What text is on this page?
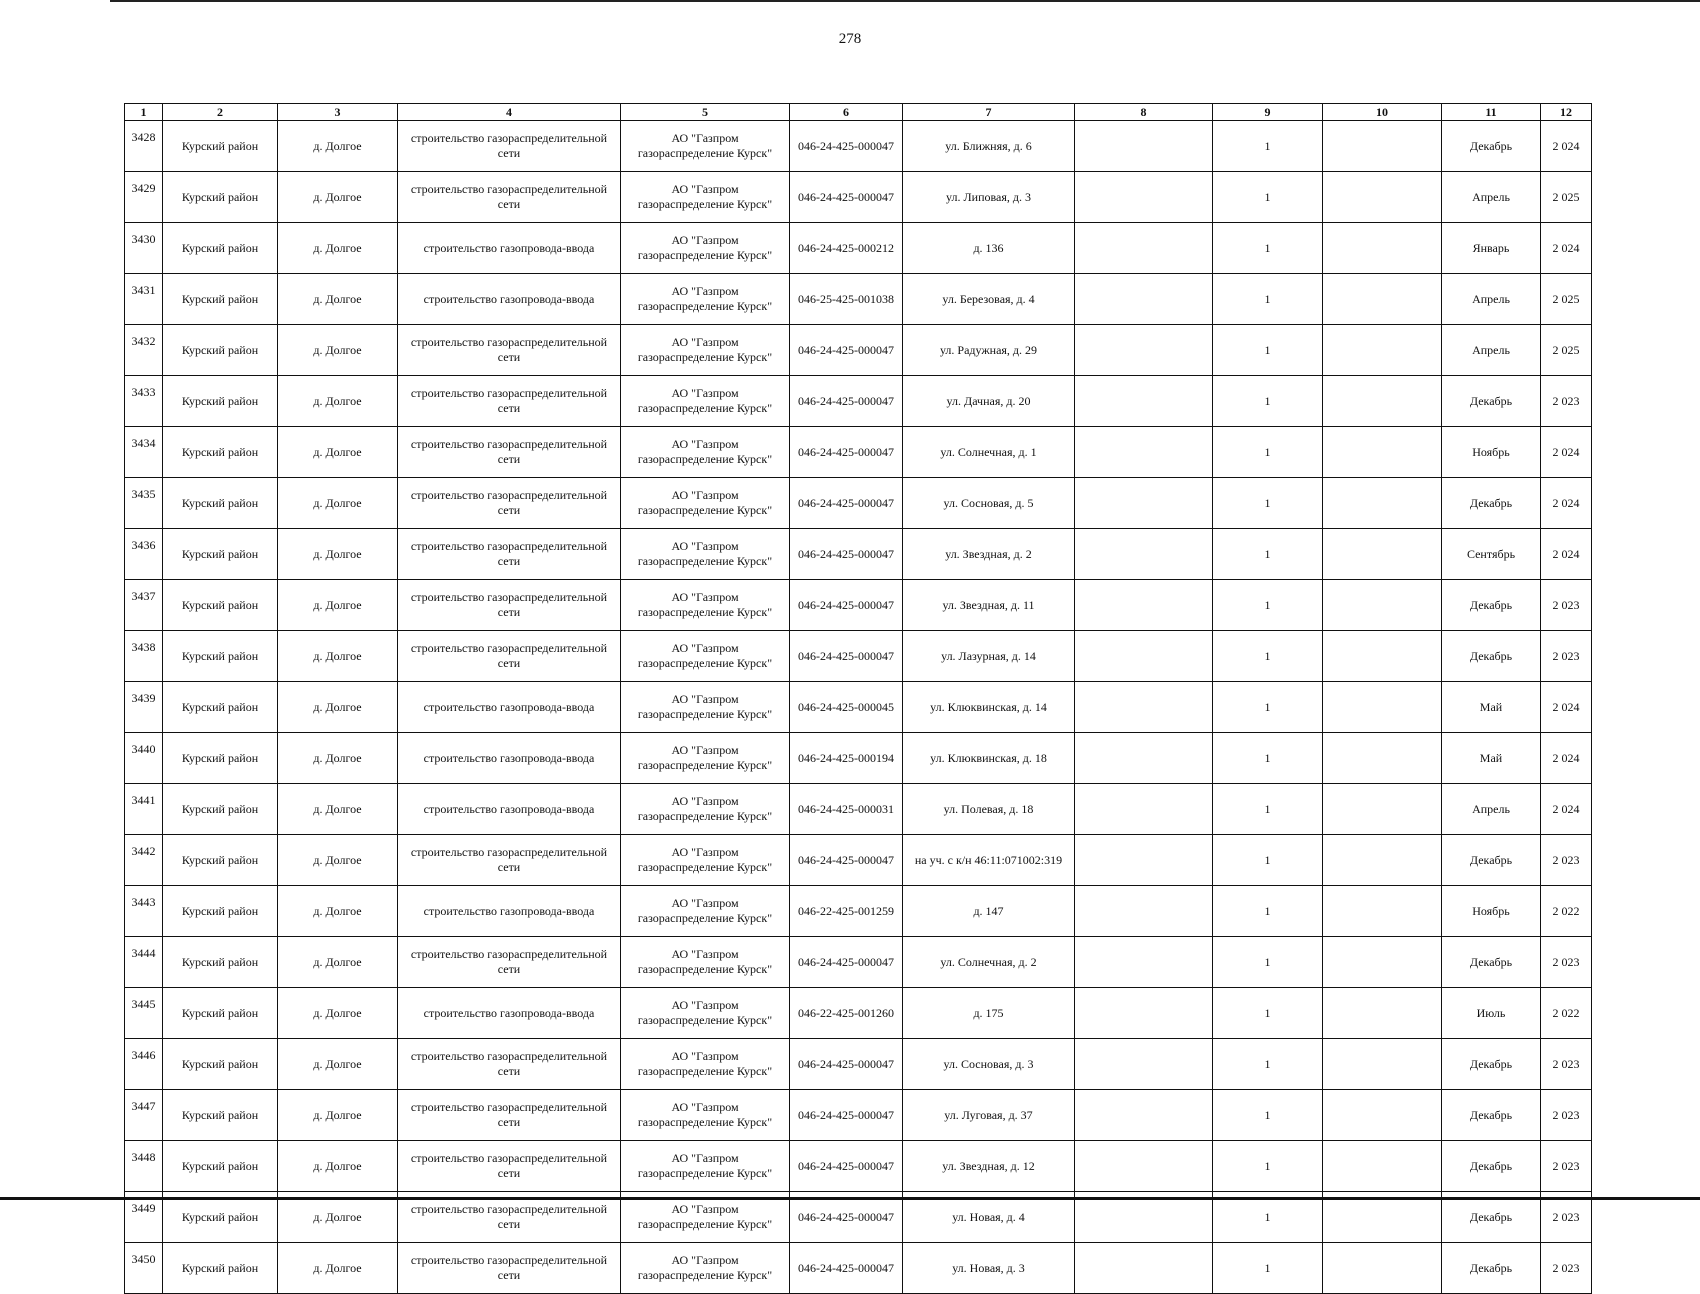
278
1	2	3	4	5	6	7	8	9	10	11	12
3428	Курский район	д. Долгое	строительство газораспределительной сети	АО "Газпром газораспределение Курск"	046-24-425-000047	ул. Ближняя, д. 6		1		Декабрь	2 024
3429	Курский район	д. Долгое	строительство газораспределительной сети	АО "Газпром газораспределение Курск"	046-24-425-000047	ул. Липовая, д. 3		1		Апрель	2 025
3430	Курский район	д. Долгое	строительство газопровода-ввода	АО "Газпром газораспределение Курск"	046-24-425-000212	д. 136		1		Январь	2 024
3431	Курский район	д. Долгое	строительство газопровода-ввода	АО "Газпром газораспределение Курск"	046-25-425-001038	ул. Березовая, д. 4		1		Апрель	2 025
3432	Курский район	д. Долгое	строительство газораспределительной сети	АО "Газпром газораспределение Курск"	046-24-425-000047	ул. Радужная, д. 29		1		Апрель	2 025
3433	Курский район	д. Долгое	строительство газораспределительной сети	АО "Газпром газораспределение Курск"	046-24-425-000047	ул. Дачная, д. 20		1		Декабрь	2 023
3434	Курский район	д. Долгое	строительство газораспределительной сети	АО "Газпром газораспределение Курск"	046-24-425-000047	ул. Солнечная, д. 1		1		Ноябрь	2 024
3435	Курский район	д. Долгое	строительство газораспределительной сети	АО "Газпром газораспределение Курск"	046-24-425-000047	ул. Сосновая, д. 5		1		Декабрь	2 024
3436	Курский район	д. Долгое	строительство газораспределительной сети	АО "Газпром газораспределение Курск"	046-24-425-000047	ул. Звездная, д. 2		1		Сентябрь	2 024
3437	Курский район	д. Долгое	строительство газораспределительной сети	АО "Газпром газораспределение Курск"	046-24-425-000047	ул. Звездная, д. 11		1		Декабрь	2 023
3438	Курский район	д. Долгое	строительство газораспределительной сети	АО "Газпром газораспределение Курск"	046-24-425-000047	ул. Лазурная, д. 14		1		Декабрь	2 023
3439	Курский район	д. Долгое	строительство газопровода-ввода	АО "Газпром газораспределение Курск"	046-24-425-000045	ул. Клюквинская, д. 14		1		Май	2 024
3440	Курский район	д. Долгое	строительство газопровода-ввода	АО "Газпром газораспределение Курск"	046-24-425-000194	ул. Клюквинская, д. 18		1		Май	2 024
3441	Курский район	д. Долгое	строительство газопровода-ввода	АО "Газпром газораспределение Курск"	046-24-425-000031	ул. Полевая, д. 18		1		Апрель	2 024
3442	Курский район	д. Долгое	строительство газораспределительной сети	АО "Газпром газораспределение Курск"	046-24-425-000047	на уч. с к/н 46:11:071002:319		1		Декабрь	2 023
3443	Курский район	д. Долгое	строительство газопровода-ввода	АО "Газпром газораспределение Курск"	046-22-425-001259	д. 147		1		Ноябрь	2 022
3444	Курский район	д. Долгое	строительство газораспределительной сети	АО "Газпром газораспределение Курск"	046-24-425-000047	ул. Солнечная, д. 2		1		Декабрь	2 023
3445	Курский район	д. Долгое	строительство газопровода-ввода	АО "Газпром газораспределение Курск"	046-22-425-001260	д. 175		1		Июль	2 022
3446	Курский район	д. Долгое	строительство газораспределительной сети	АО "Газпром газораспределение Курск"	046-24-425-000047	ул. Сосновая, д. 3		1		Декабрь	2 023
3447	Курский район	д. Долгое	строительство газораспределительной сети	АО "Газпром газораспределение Курск"	046-24-425-000047	ул. Луговая, д. 37		1		Декабрь	2 023
3448	Курский район	д. Долгое	строительство газораспределительной сети	АО "Газпром газораспределение Курск"	046-24-425-000047	ул. Звездная, д. 12		1		Декабрь	2 023
3449	Курский район	д. Долгое	строительство газораспределительной сети	АО "Газпром газораспределение Курск"	046-24-425-000047	ул. Новая, д. 4		1		Декабрь	2 023
3450	Курский район	д. Долгое	строительство газораспределительной сети	АО "Газпром газораспределение Курск"	046-24-425-000047	ул. Новая, д. 3		1		Декабрь	2 023
